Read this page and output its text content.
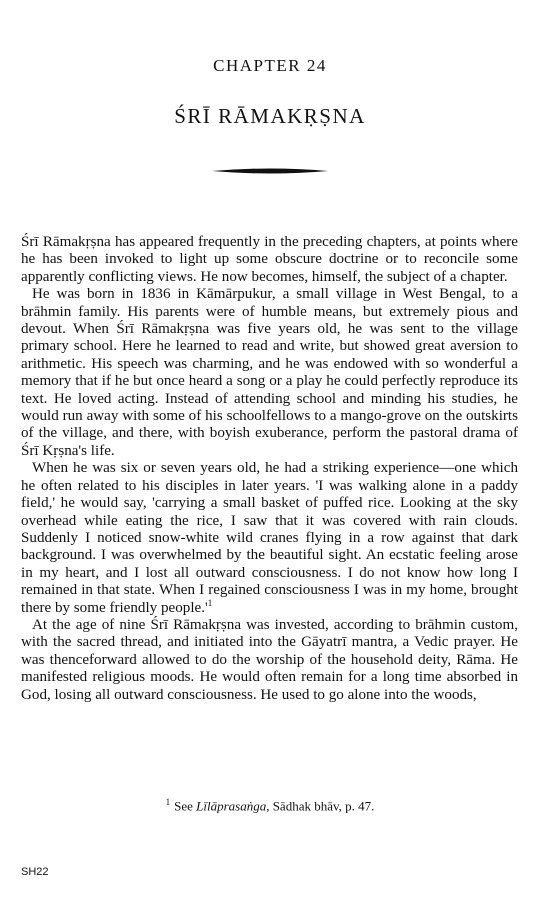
CHAPTER 24
ŚRĪ RĀMAKṚṢNA

Śrī Rāmakṛṣna has appeared frequently in the preceding chapters, at points where he has been invoked to light up some obscure doctrine or to reconcile some apparently conflicting views. He now becomes, himself, the subject of a chapter.

He was born in 1836 in Kāmārpukur, a small village in West Bengal, to a brāhmin family. His parents were of humble means, but extremely pious and devout. When Śrī Rāmakṛṣna was five years old, he was sent to the village primary school. Here he learned to read and write, but showed great aversion to arithmetic. His speech was charming, and he was endowed with so wonderful a memory that if he but once heard a song or a play he could perfectly reproduce its text. He loved acting. Instead of attending school and minding his studies, he would run away with some of his schoolfellows to a mango-grove on the outskirts of the village, and there, with boyish exuberance, perform the pastoral drama of Śrī Kṛṣna's life.

When he was six or seven years old, he had a striking experience—one which he often related to his disciples in later years. 'I was walking alone in a paddy field,' he would say, 'carrying a small basket of puffed rice. Looking at the sky overhead while eating the rice, I saw that it was covered with rain clouds. Suddenly I noticed snow-white wild cranes flying in a row against that dark background. I was overwhelmed by the beautiful sight. An ecstatic feeling arose in my heart, and I lost all outward consciousness. I do not know how long I remained in that state. When I regained consciousness I was in my home, brought there by some friendly people.'$^1$

At the age of nine Śrī Rāmakṛṣna was invested, according to brāhmin custom, with the sacred thread, and initiated into the Gāyatrī mantra, a Vedic prayer. He was thenceforward allowed to do the worship of the household deity, Rāma. He manifested religious moods. He would often remain for a long time absorbed in God, losing all outward consciousness. He used to go alone into the woods,

$^1$ See Līlāprasaṅga, Sādhak bhāv, p. 47.
SH22
